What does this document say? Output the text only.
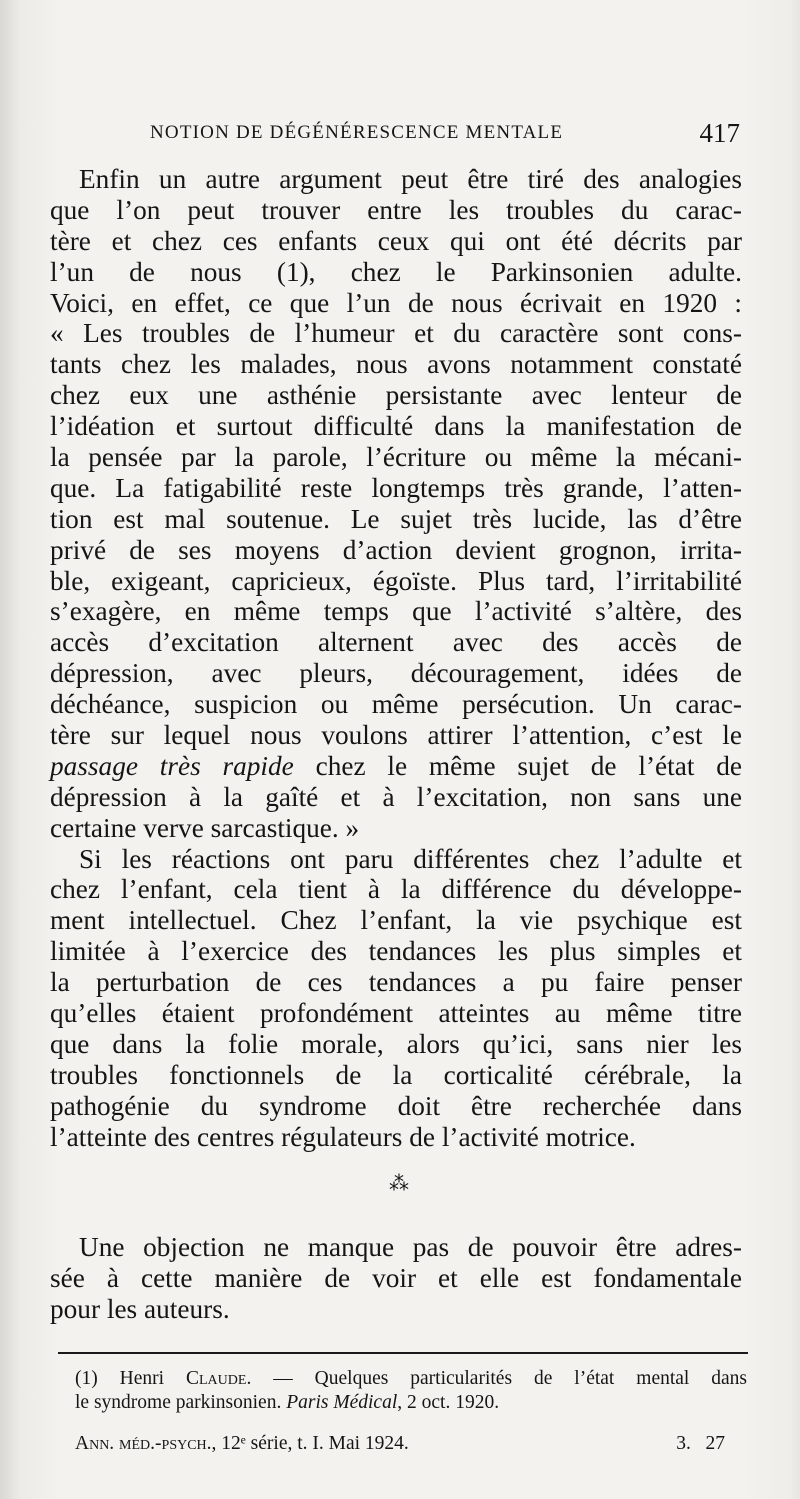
NOTION DE DÉGÉNÉRESCENCE MENTALE	417
Enfin un autre argument peut être tiré des analogies
que l’on peut trouver entre les troubles du carac-
tère et chez ces enfants ceux qui ont été décrits par
l’un de nous (1), chez le Parkinsonien adulte.
Voici, en effet, ce que l’un de nous écrivait en 1920 :
« Les troubles de l’humeur et du caractère sont cons-
tants chez les malades, nous avons notamment constaté
chez eux une asthénie persistante avec lenteur de
l’idéation et surtout difficulté dans la manifestation de
la pensée par la parole, l’écriture ou même la mécani-
que. La fatigabilité reste longtemps très grande, l’atten-
tion est mal soutenue. Le sujet très lucide, las d’être
privé de ses moyens d’action devient grognon, irrita-
ble, exigeant, capricieux, égoïste. Plus tard, l’irritabilité
s’exagère, en même temps que l’activité s’altère, des
accès d’excitation alternent avec des accès de
dépression, avec pleurs, découragement, idées de
déchéance, suspicion ou même persécution. Un carac-
tère sur lequel nous voulons attirer l’attention, c’est le
passage très rapide chez le même sujet de l’état de
dépression à la gaîté et à l’excitation, non sans une
certaine verve sarcastique. »
Si les réactions ont paru différentes chez l’adulte et
chez l’enfant, cela tient à la différence du développe-
ment intellectuel. Chez l’enfant, la vie psychique est
limitée à l’exercice des tendances les plus simples et
la perturbation de ces tendances a pu faire penser
qu’elles étaient profondément atteintes au même titre
que dans la folie morale, alors qu’ici, sans nier les
troubles fonctionnels de la corticalité cérébrale, la
pathogénie du syndrome doit être recherchée dans
l’atteinte des centres régulateurs de l’activité motrice.
⁂
Une objection ne manque pas de pouvoir être adres-
sée à cette manière de voir et elle est fondamentale
pour les auteurs.
(1) Henri Claude. — Quelques particularités de l’état mental dans
le syndrome parkinsonien. Paris Médical, 2 oct. 1920.
Ann. méd.-psych., 12ᵉ série, t. I. Mai 1924.	3.   27
